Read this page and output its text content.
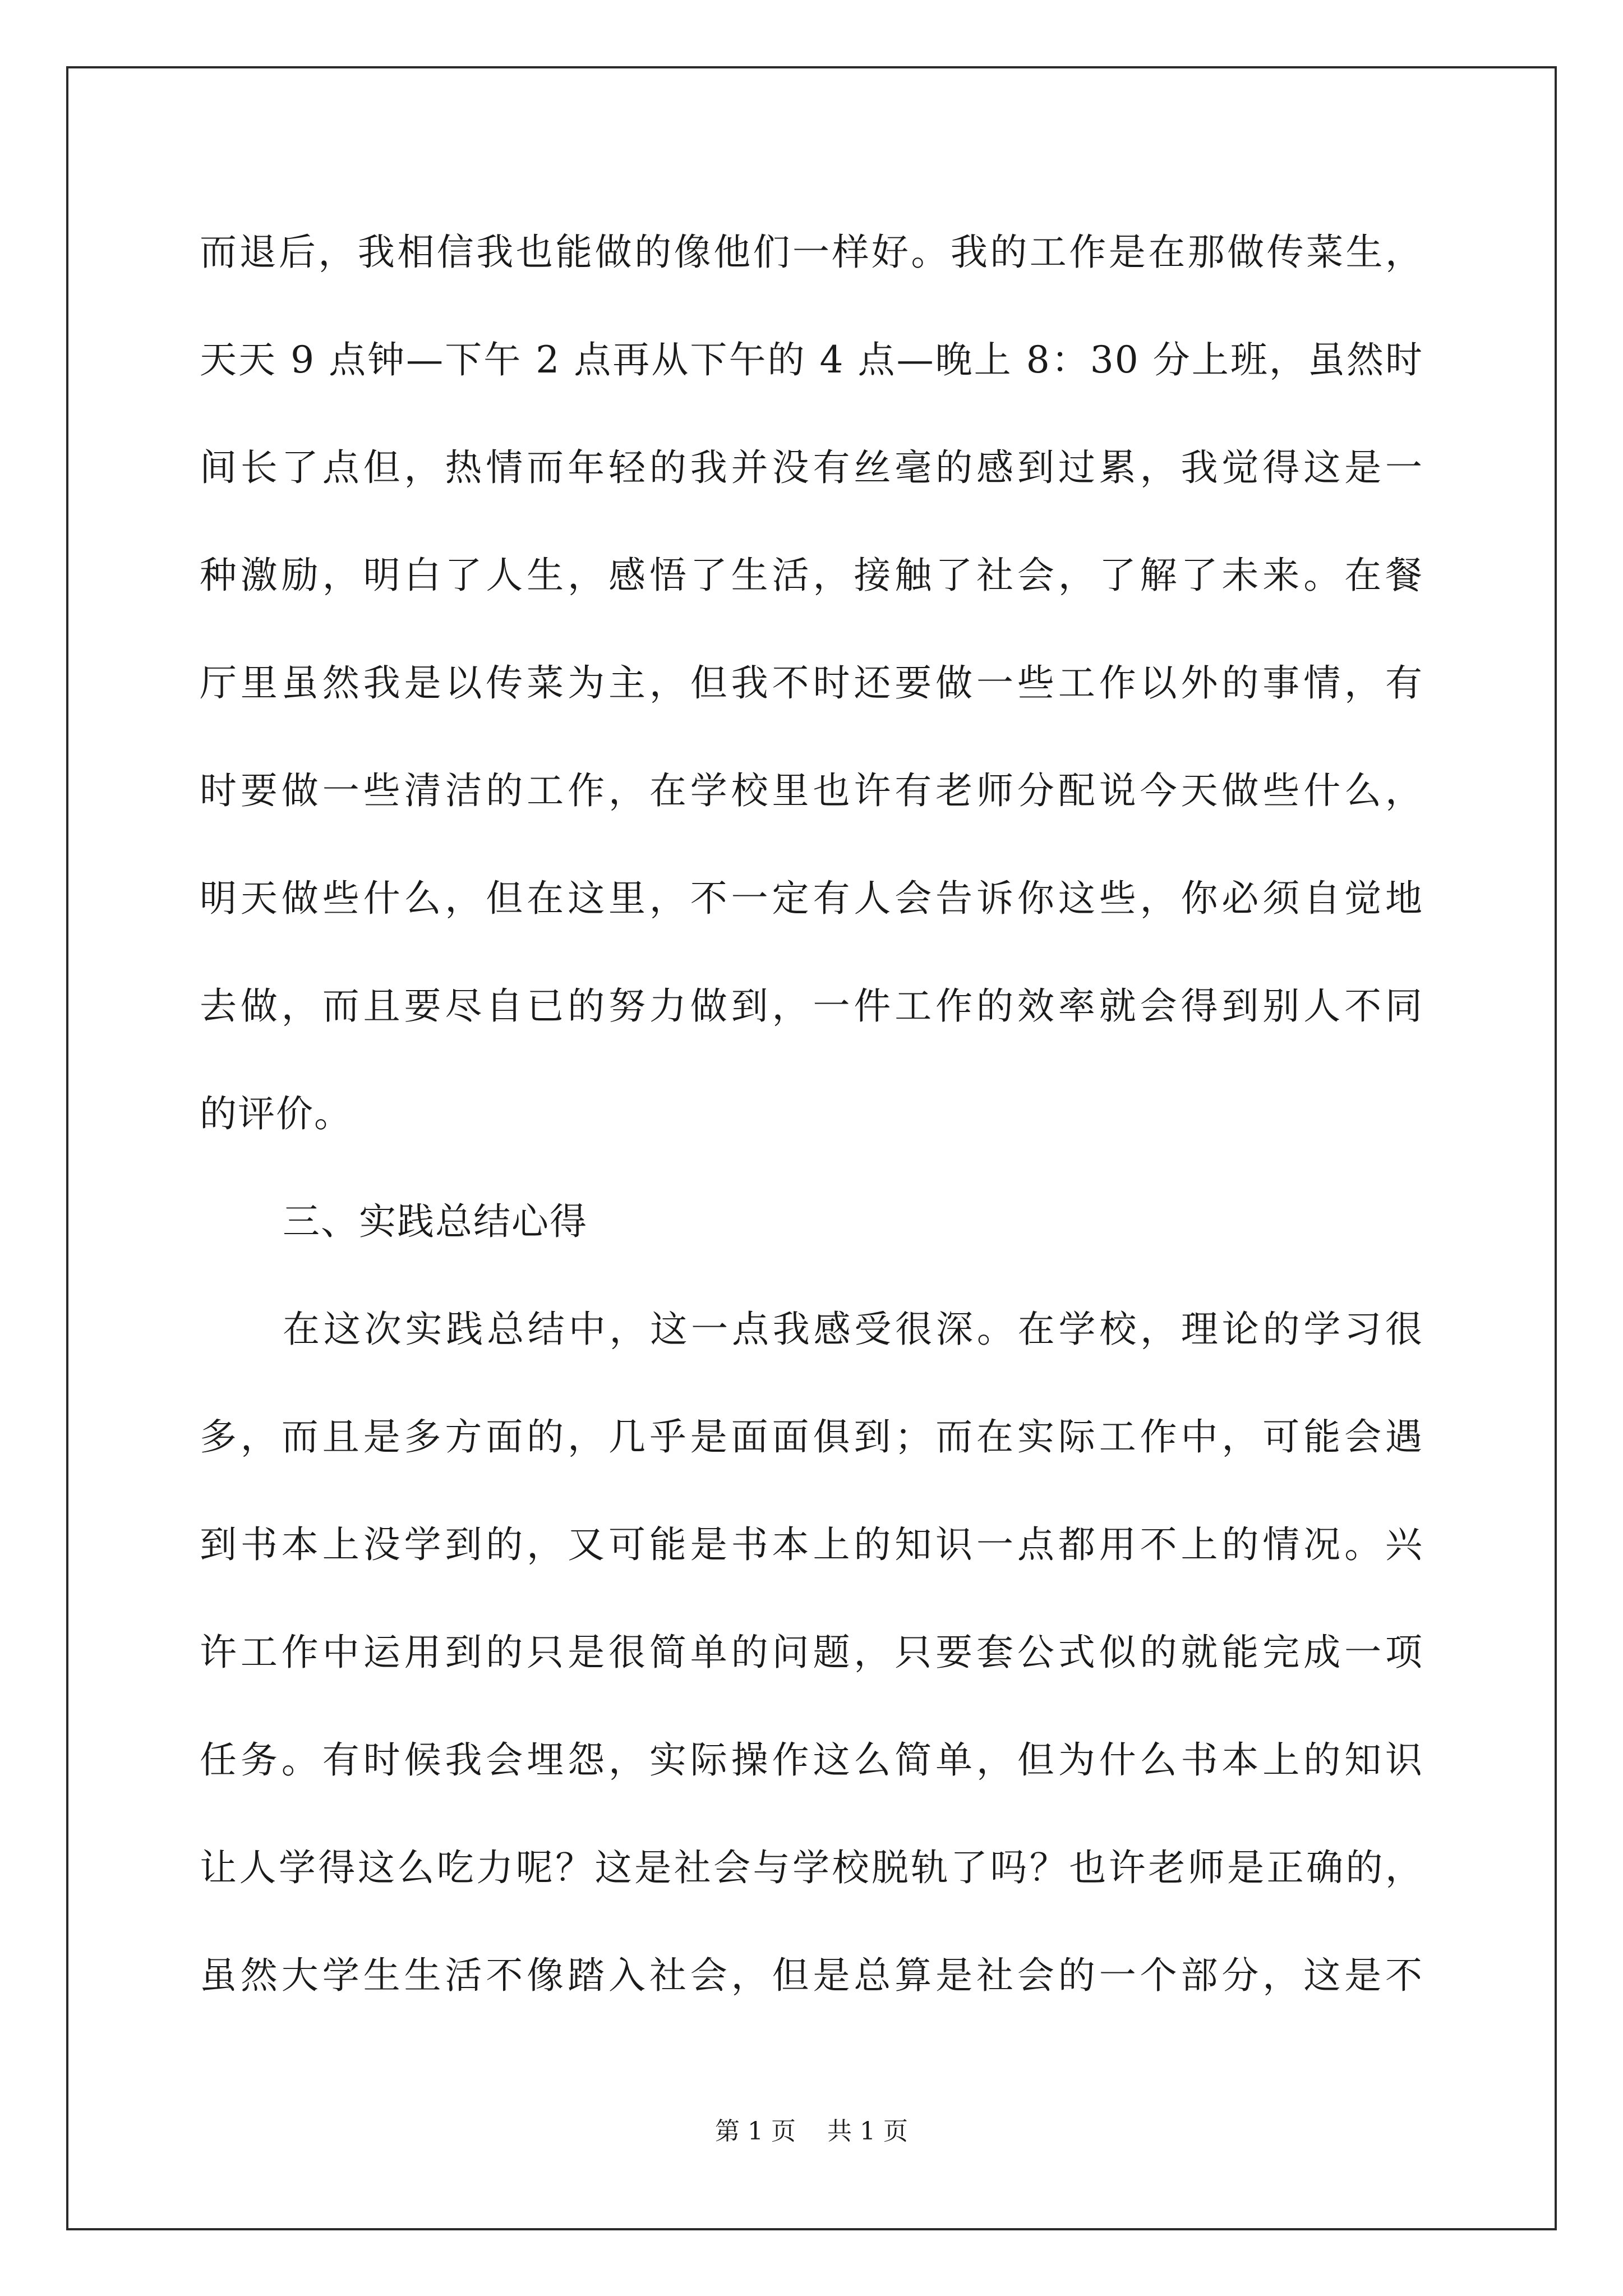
而退后，我相信我也能做的像他们一样好。我的工作是在那做传菜生，
天天 9 点钟—下午 2 点再从下午的 4 点—晚上 8：30 分上班，虽然时
间长了点但，热情而年轻的我并没有丝毫的感到过累，我觉得这是一
种激励，明白了人生，感悟了生活，接触了社会，了解了未来。在餐
厅里虽然我是以传菜为主，但我不时还要做一些工作以外的事情，有
时要做一些清洁的工作，在学校里也许有老师分配说今天做些什么，
明天做些什么，但在这里，不一定有人会告诉你这些，你必须自觉地
去做，而且要尽自已的努力做到，一件工作的效率就会得到别人不同
的评价。
三、实践总结心得
在这次实践总结中，这一点我感受很深。在学校，理论的学习很
多，而且是多方面的，几乎是面面俱到；而在实际工作中，可能会遇
到书本上没学到的，又可能是书本上的知识一点都用不上的情况。兴
许工作中运用到的只是很简单的问题，只要套公式似的就能完成一项
任务。有时候我会埋怨，实际操作这么简单，但为什么书本上的知识
让人学得这么吃力呢？这是社会与学校脱轨了吗？也许老师是正确的，
虽然大学生生活不像踏入社会，但是总算是社会的一个部分，这是不
第 1 页 共 1 页
